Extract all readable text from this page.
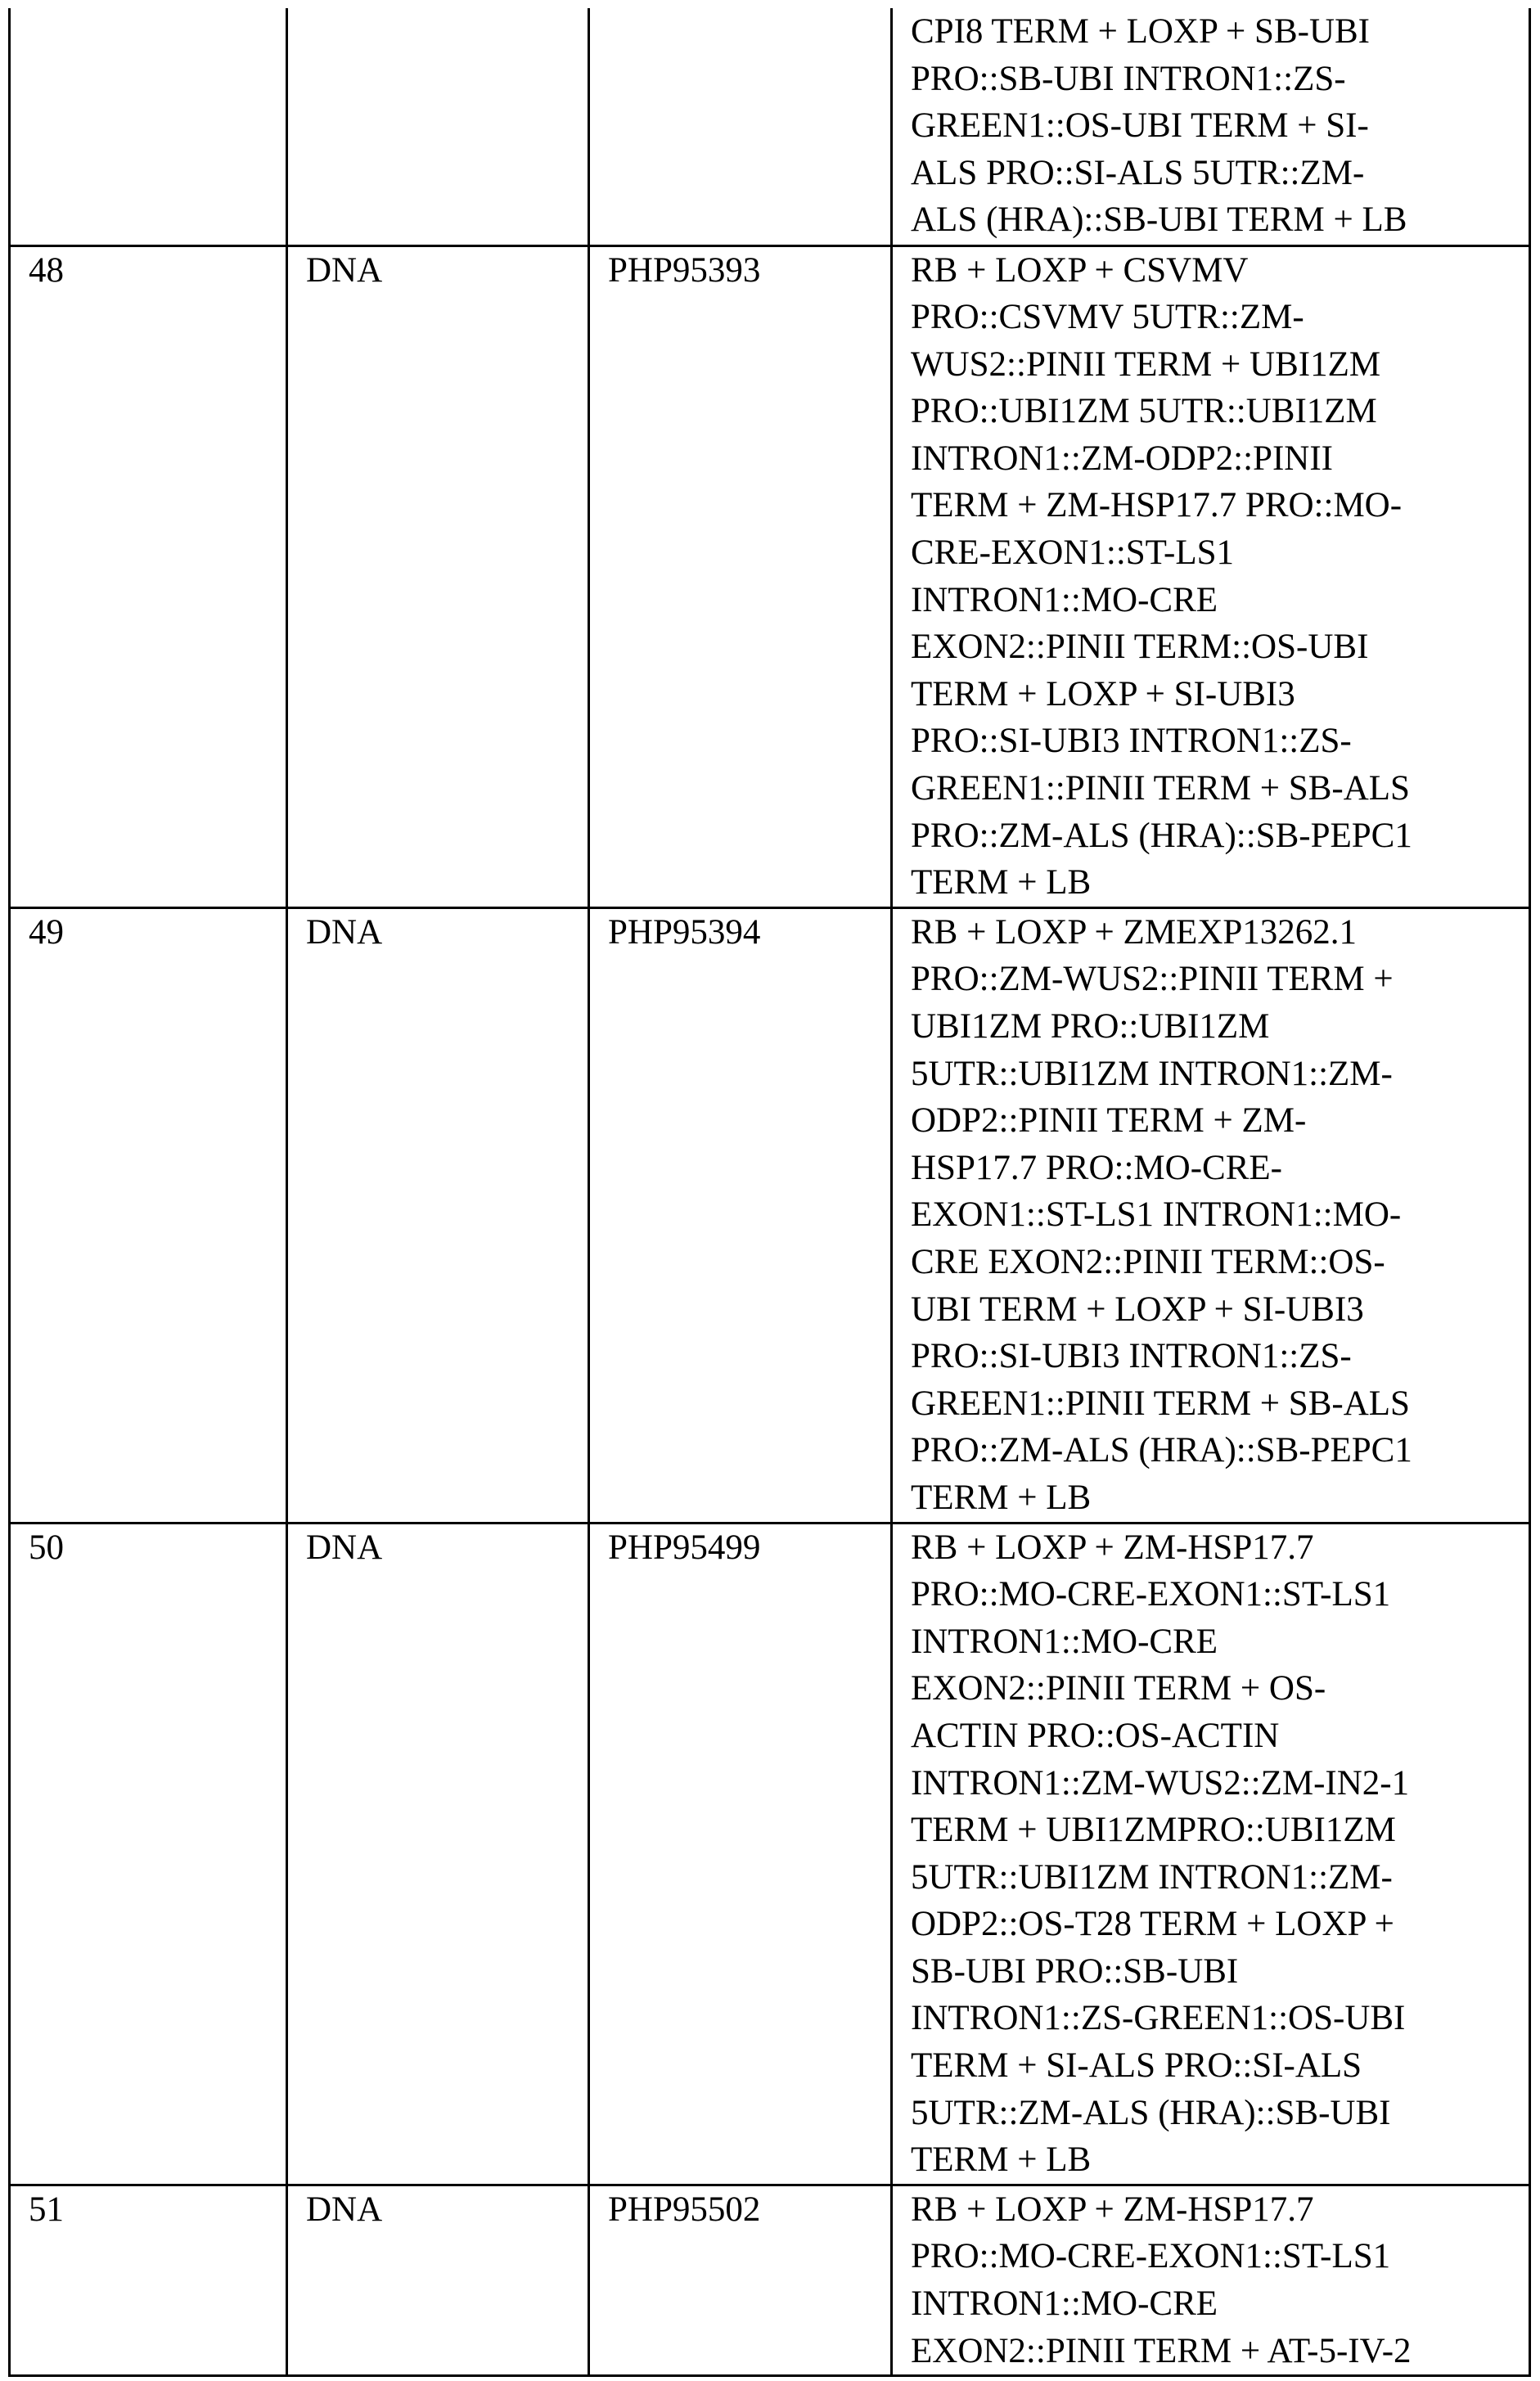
			CPI8 TERM + LOXP + SB-UBI
PRO::SB-UBI INTRON1::ZS-
GREEN1::OS-UBI TERM + SI-
ALS PRO::SI-ALS 5UTR::ZM-
ALS (HRA)::SB-UBI TERM + LB

48	DNA	PHP95393	RB + LOXP + CSVMV
PRO::CSVMV 5UTR::ZM-
WUS2::PINII TERM + UBI1ZM
PRO::UBI1ZM 5UTR::UBI1ZM
INTRON1::ZM-ODP2::PINII
TERM + ZM-HSP17.7 PRO::MO-
CRE-EXON1::ST-LS1
INTRON1::MO-CRE
EXON2::PINII TERM::OS-UBI
TERM + LOXP + SI-UBI3
PRO::SI-UBI3 INTRON1::ZS-
GREEN1::PINII TERM + SB-ALS
PRO::ZM-ALS (HRA)::SB-PEPC1
TERM + LB

49	DNA	PHP95394	RB + LOXP + ZMEXP13262.1
PRO::ZM-WUS2::PINII TERM +
UBI1ZM PRO::UBI1ZM
5UTR::UBI1ZM INTRON1::ZM-
ODP2::PINII TERM + ZM-
HSP17.7 PRO::MO-CRE-
EXON1::ST-LS1 INTRON1::MO-
CRE EXON2::PINII TERM::OS-
UBI TERM + LOXP + SI-UBI3
PRO::SI-UBI3 INTRON1::ZS-
GREEN1::PINII TERM + SB-ALS
PRO::ZM-ALS (HRA)::SB-PEPC1
TERM + LB

50	DNA	PHP95499	RB + LOXP + ZM-HSP17.7
PRO::MO-CRE-EXON1::ST-LS1
INTRON1::MO-CRE
EXON2::PINII TERM + OS-
ACTIN PRO::OS-ACTIN
INTRON1::ZM-WUS2::ZM-IN2-1
TERM + UBI1ZMPRO::UBI1ZM
5UTR::UBI1ZM INTRON1::ZM-
ODP2::OS-T28 TERM + LOXP +
SB-UBI PRO::SB-UBI
INTRON1::ZS-GREEN1::OS-UBI
TERM + SI-ALS PRO::SI-ALS
5UTR::ZM-ALS (HRA)::SB-UBI
TERM + LB

51	DNA	PHP95502	RB + LOXP + ZM-HSP17.7
PRO::MO-CRE-EXON1::ST-LS1
INTRON1::MO-CRE
EXON2::PINII TERM + AT-5-IV-2
